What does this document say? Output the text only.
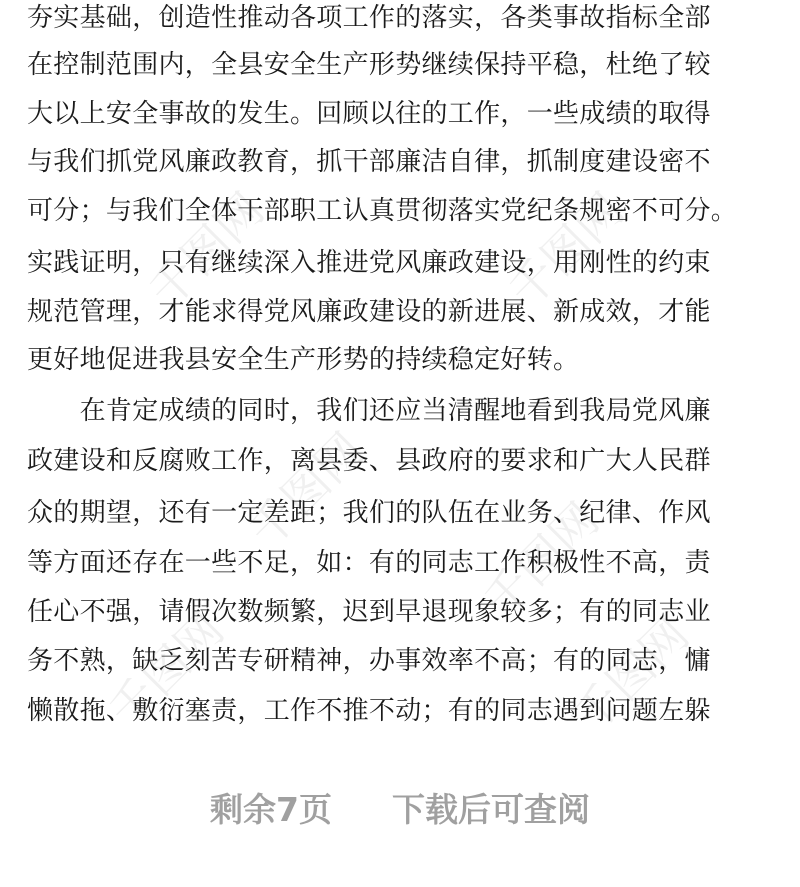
千图网	千图网
千图网
千图网
千图网	千图网
夯实基础，创造性推动各项工作的落实，各类事故指标全部
在控制范围内，全县安全生产形势继续保持平稳，杜绝了较
大以上安全事故的发生。回顾以往的工作，一些成绩的取得
与我们抓党风廉政教育，抓干部廉洁自律，抓制度建设密不
可分；与我们全体干部职工认真贯彻落实党纪条规密不可分。
实践证明，只有继续深入推进党风廉政建设，用刚性的约束
规范管理，才能求得党风廉政建设的新进展、新成效，才能
更好地促进我县安全生产形势的持续稳定好转。
　　在肯定成绩的同时，我们还应当清醒地看到我局党风廉
政建设和反腐败工作，离县委、县政府的要求和广大人民群
众的期望，还有一定差距；我们的队伍在业务、纪律、作风
等方面还存在一些不足，如：有的同志工作积极性不高，责
任心不强，请假次数频繁，迟到早退现象较多；有的同志业
务不熟，缺乏刻苦专研精神，办事效率不高；有的同志，慵
懒散拖、敷衍塞责，工作不推不动；有的同志遇到问题左躲
剩余7页 下载后可查阅
